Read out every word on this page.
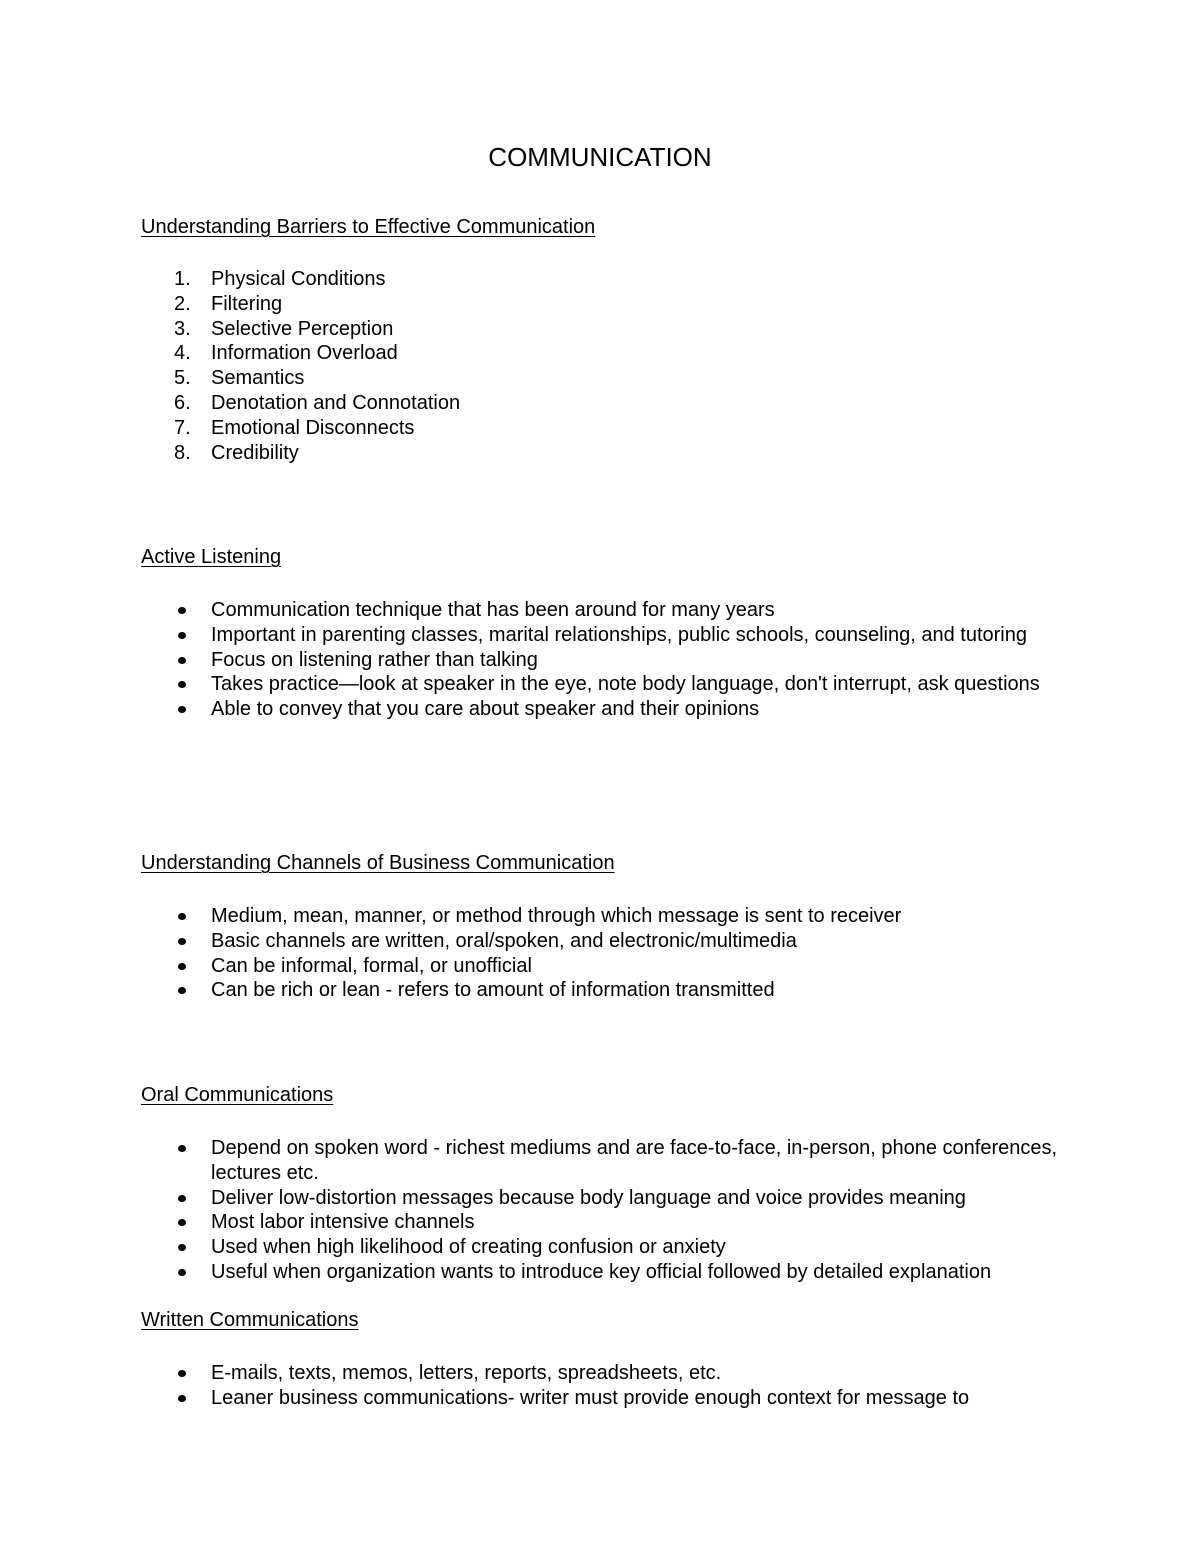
COMMUNICATION
Understanding Barriers to Effective Communication
1.	Physical Conditions
2.	Filtering
3.	Selective Perception
4.	Information Overload
5.	Semantics
6.	Denotation and Connotation
7.	Emotional Disconnects
8.	Credibility
Active Listening
Communication technique that has been around for many years
Important in parenting classes, marital relationships, public schools, counseling, and tutoring
Focus on listening rather than talking
Takes practice—look at speaker in the eye, note body language, don't interrupt, ask questions
Able to convey that you care about speaker and their opinions
Understanding Channels of Business Communication
Medium, mean, manner, or method through which message is sent to receiver
Basic channels are written, oral/spoken, and electronic/multimedia
Can be informal, formal, or unofficial
Can be rich or lean - refers to amount of information transmitted
Oral Communications
Depend on spoken word - richest mediums and are face-to-face, in-person, phone conferences, lectures etc.
Deliver low-distortion messages because body language and voice provides meaning
Most labor intensive channels
Used when high likelihood of creating confusion or anxiety
Useful when organization wants to introduce key official followed by detailed explanation
Written Communications
E-mails, texts, memos, letters, reports, spreadsheets, etc.
Leaner business communications- writer must provide enough context for message to
